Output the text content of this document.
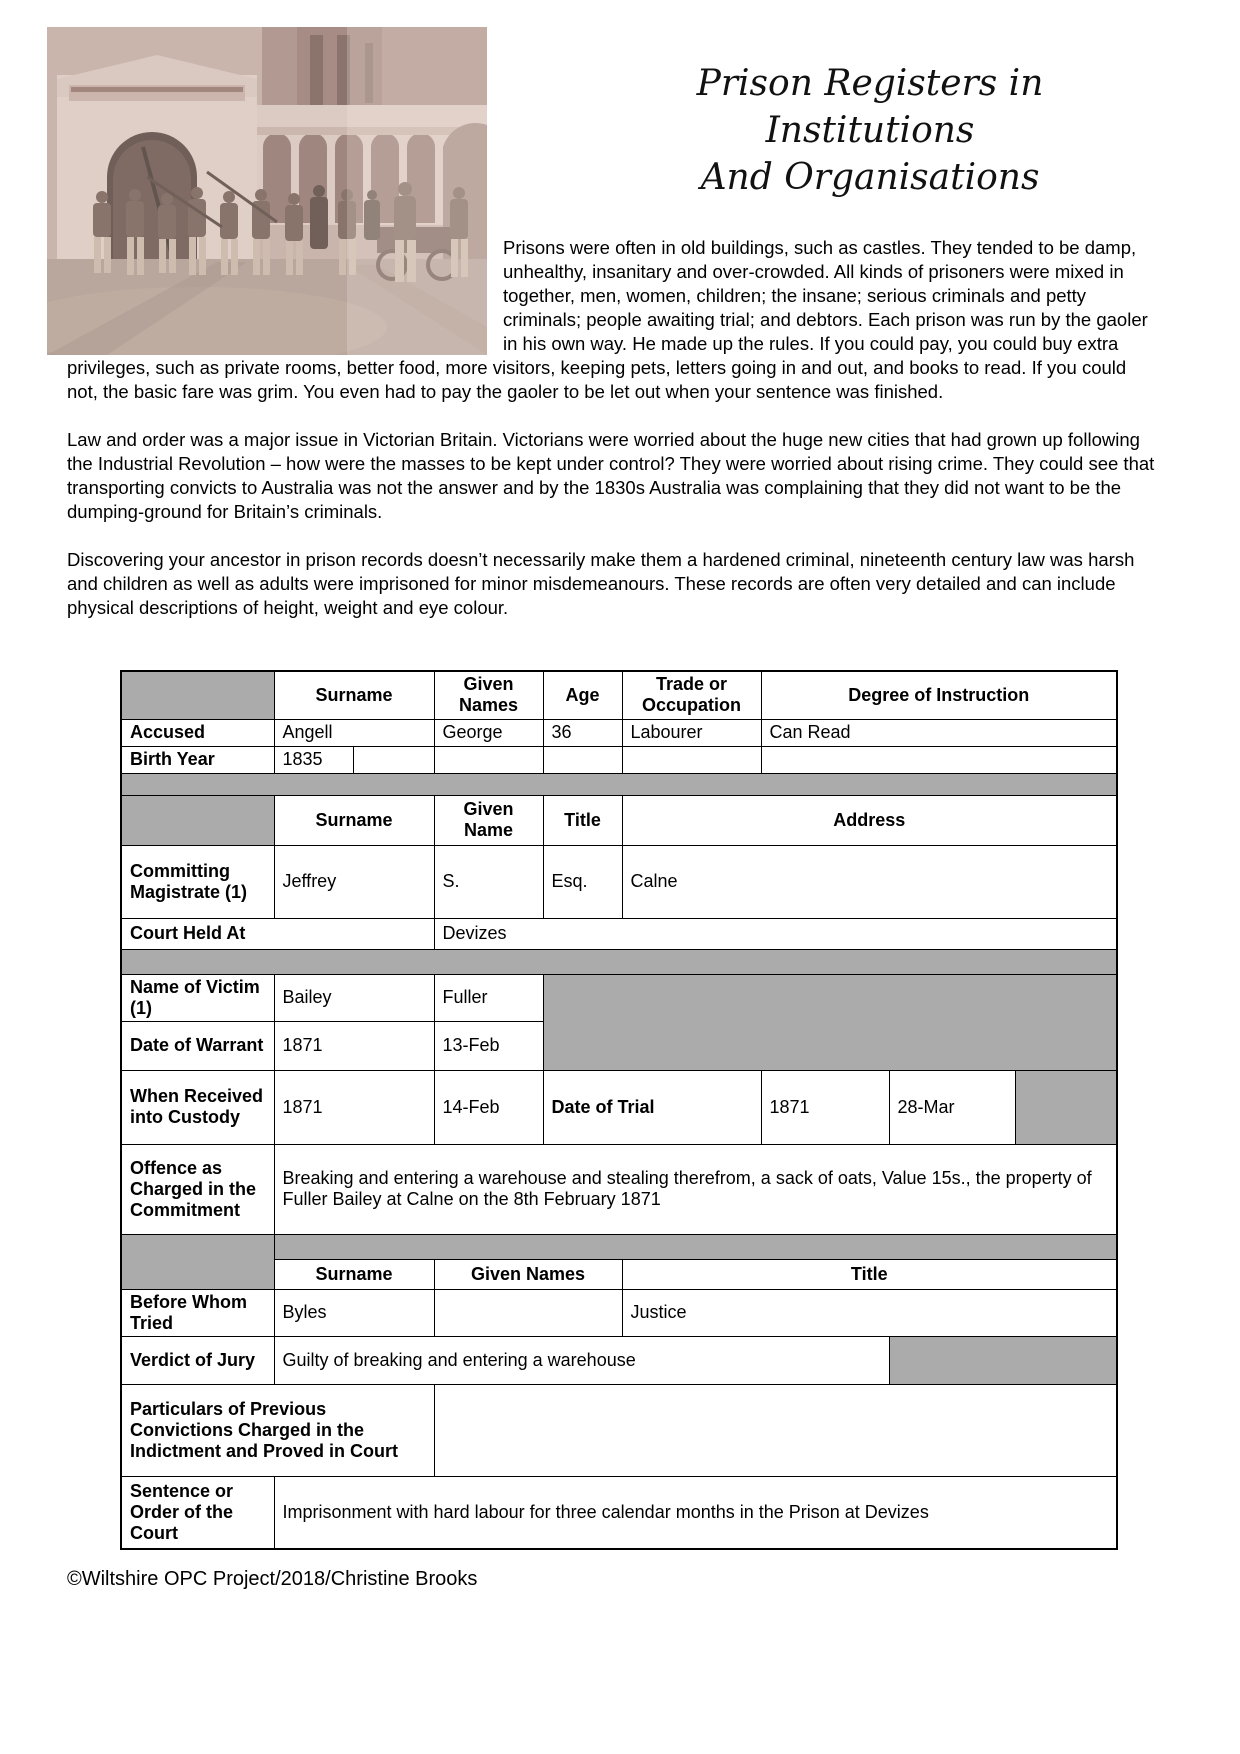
Prison Registers in
Institutions
And Organisations

Prisons were often in old buildings, such as castles. They tended to be damp, unhealthy, insanitary and over-crowded. All kinds of prisoners were mixed in together, men, women, children; the insane; serious criminals and petty criminals; people awaiting trial; and debtors. Each prison was run by the gaoler in his own way. He made up the rules. If you could pay, you could buy extra privileges, such as private rooms, better food, more visitors, keeping pets, letters going in and out, and books to read. If you could not, the basic fare was grim. You even had to pay the gaoler to be let out when your sentence was finished.

Law and order was a major issue in Victorian Britain. Victorians were worried about the huge new cities that had grown up following the Industrial Revolution – how were the masses to be kept under control? They were worried about rising crime. They could see that transporting convicts to Australia was not the answer and by the 1830s Australia was complaining that they did not want to be the dumping-ground for Britain’s criminals.

Discovering your ancestor in prison records doesn’t necessarily make them a hardened criminal, nineteenth century law was harsh and children as well as adults were imprisoned for minor misdemeanours. These records are often very detailed and can include physical descriptions of height, weight and eye colour.

	Surname		Given Names	Age	Trade or Occupation	Degree of Instruction		
Accused	Angell		George	36	Labourer	Can Read		
Birth Year	1835							

	Surname		Given Name	Title	Address			
Committing Magistrate (1)	Jeffrey		S.	Esq.	Calne			
Court Held At			Devizes					

Name of Victim (1)	Bailey		Fuller					
Date of Warrant	1871		13-Feb					
When Received into Custody	1871		14-Feb	Date of Trial		1871	28-Mar	
Offence as Charged in the Commitment	Breaking and entering a warehouse and stealing therefrom, a sack of oats, Value 15s., the property of Fuller Bailey at Calne on the 8th February 1871							

	Surname		Given Names		Title			
Before Whom Tried	Byles				Justice			
Verdict of Jury	Guilty of breaking and entering a warehouse							
Particulars of Previous Convictions Charged in the Indictment and Proved in Court								
Sentence or Order of the Court	Imprisonment with hard labour for three calendar months in the Prison at Devizes							

©Wiltshire OPC Project/2018/Christine Brooks
